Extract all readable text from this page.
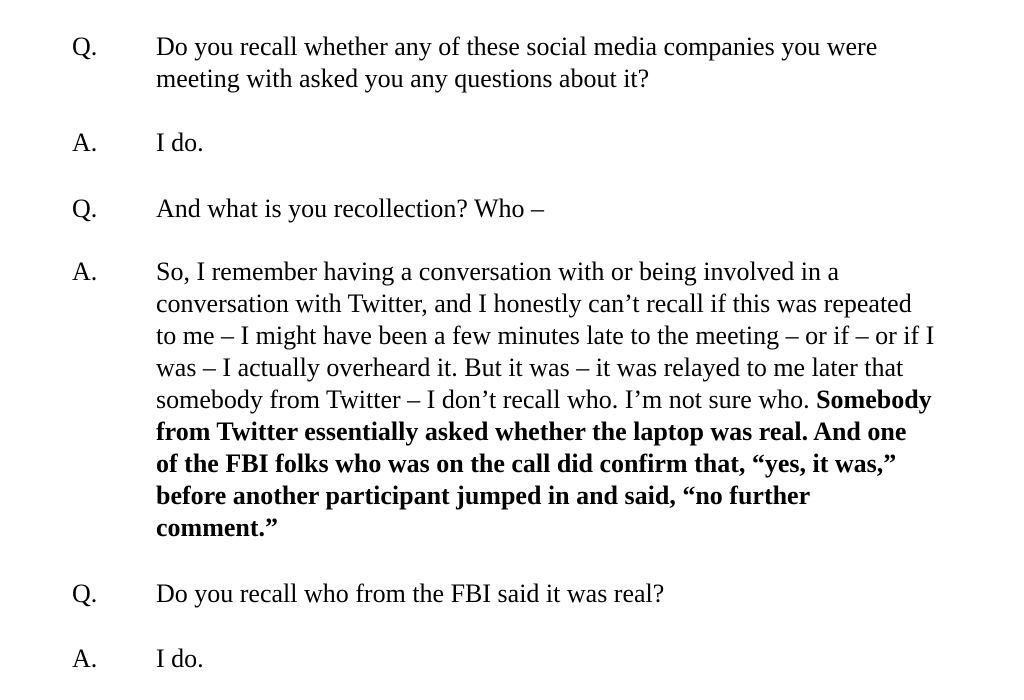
Q.	Do you recall whether any of these social media companies you were
meeting with asked you any questions about it?
A.	I do.
Q.	And what is you recollection? Who –
A.	So, I remember having a conversation with or being involved in a
conversation with Twitter, and I honestly can’t recall if this was repeated
to me – I might have been a few minutes late to the meeting – or if – or if I
was – I actually overheard it. But it was – it was relayed to me later that
somebody from Twitter – I don’t recall who. I’m not sure who. Somebody
from Twitter essentially asked whether the laptop was real. And one
of the FBI folks who was on the call did confirm that, “yes, it was,”
before another participant jumped in and said, “no further
comment.”
Q.	Do you recall who from the FBI said it was real?
A.	I do.
